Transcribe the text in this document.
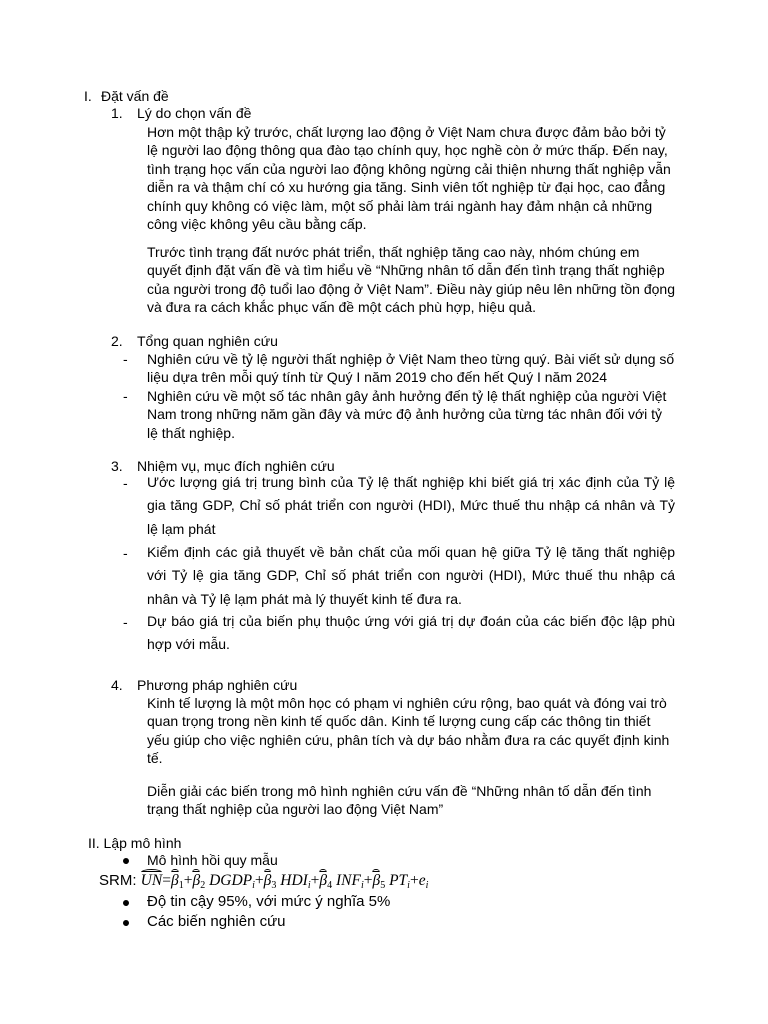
I. Đặt vấn đề
1. Lý do chọn vấn đề
Hơn một thập kỷ trước, chất lượng lao động ở Việt Nam chưa được đảm bảo bởi tỷ lệ người lao động thông qua đào tạo chính quy, học nghề còn ở mức thấp. Đến nay, tình trạng học vấn của người lao động không ngừng cải thiện nhưng thất nghiệp vẫn diễn ra và thậm chí có xu hướng gia tăng. Sinh viên tốt nghiệp từ đại học, cao đẳng chính quy không có việc làm, một số phải làm trái ngành hay đảm nhận cả những công việc không yêu cầu bằng cấp.
Trước tình trạng đất nước phát triển, thất nghiệp tăng cao này, nhóm chúng em quyết định đặt vấn đề và tìm hiểu về “Những nhân tố dẫn đến tình trạng thất nghiệp của người trong độ tuổi lao động ở Việt Nam”. Điều này giúp nêu lên những tồn đọng và đưa ra cách khắc phục vấn đề một cách phù hợp, hiệu quả.
2. Tổng quan nghiên cứu
- Nghiên cứu về tỷ lệ người thất nghiệp ở Việt Nam theo từng quý. Bài viết sử dụng số liệu dựa trên mỗi quý tính từ Quý I năm 2019 cho đến hết Quý I năm 2024
- Nghiên cứu về một số tác nhân gây ảnh hưởng đến tỷ lệ thất nghiệp của người Việt Nam trong những năm gần đây và mức độ ảnh hưởng của từng tác nhân đối với tỷ lệ thất nghiệp.
3. Nhiệm vụ, mục đích nghiên cứu
- Ước lượng giá trị trung bình của Tỷ lệ thất nghiệp khi biết giá trị xác định của Tỷ lệ gia tăng GDP, Chỉ số phát triển con người (HDI), Mức thuế thu nhập cá nhân và Tỷ lệ lạm phát
- Kiểm định các giả thuyết về bản chất của mối quan hệ giữa Tỷ lệ tăng thất nghiệp với Tỷ lệ gia tăng GDP, Chỉ số phát triển con người (HDI), Mức thuế thu nhập cá nhân và Tỷ lệ lạm phát mà lý thuyết kinh tế đưa ra.
- Dự báo giá trị của biến phụ thuộc ứng với giá trị dự đoán của các biến độc lập phù hợp với mẫu.
4. Phương pháp nghiên cứu
Kinh tế lượng là một môn học có phạm vi nghiên cứu rộng, bao quát và đóng vai trò quan trọng trong nền kinh tế quốc dân. Kinh tế lượng cung cấp các thông tin thiết yếu giúp cho việc nghiên cứu, phân tích và dự báo nhằm đưa ra các quyết định kinh tế.
Diễn giải các biến trong mô hình nghiên cứu vấn đề “Những nhân tố dẫn đến tình trạng thất nghiệp của người lao động Việt Nam”
II. Lập mô hình
Mô hình hồi quy mẫu
SRM: UN=
$\beta_1+$
$\beta_2$ $DGDP_i+$
$\beta_3$ $HDI_i+$
$\beta_4$ $INF_i+$
$\beta_5$ $PT_i+e_i$
Độ tin cậy 95%, với mức ý nghĩa 5%
Các biến nghiên cứu
